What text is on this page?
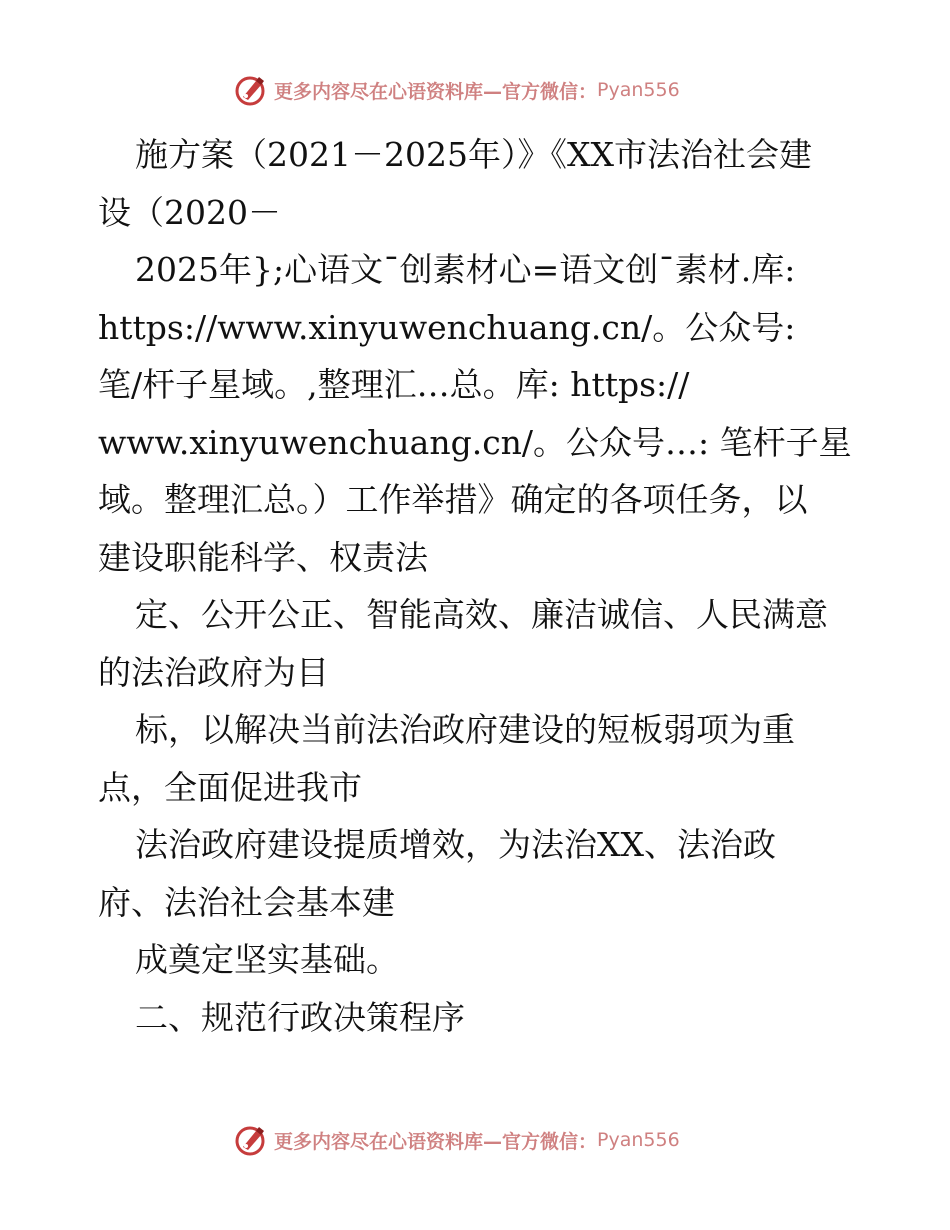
更多内容尽在心语资料库—官方微信： Pyan556
施方案（2021－2025年）》《XX市法治社会建
设（2020－
2025年};心语文¯创素材心=语文创¯素材.库:
https://www.xinyuwenchuang.cn/。公众号:
笔/杆子星域。,整理汇…总。库: https://
www.xinyuwenchuang.cn/。公众号…: 笔杆子星
域。整理汇总。）工作举措》确定的各项任务，以
建设职能科学、权责法
定、公开公正、智能高效、廉洁诚信、人民满意
的法治政府为目
标，以解决当前法治政府建设的短板弱项为重
点，全面促进我市
法治政府建设提质增效，为法治XX、法治政
府、法治社会基本建
成奠定坚实基础。
二、规范行政决策程序
更多内容尽在心语资料库—官方微信： Pyan556
